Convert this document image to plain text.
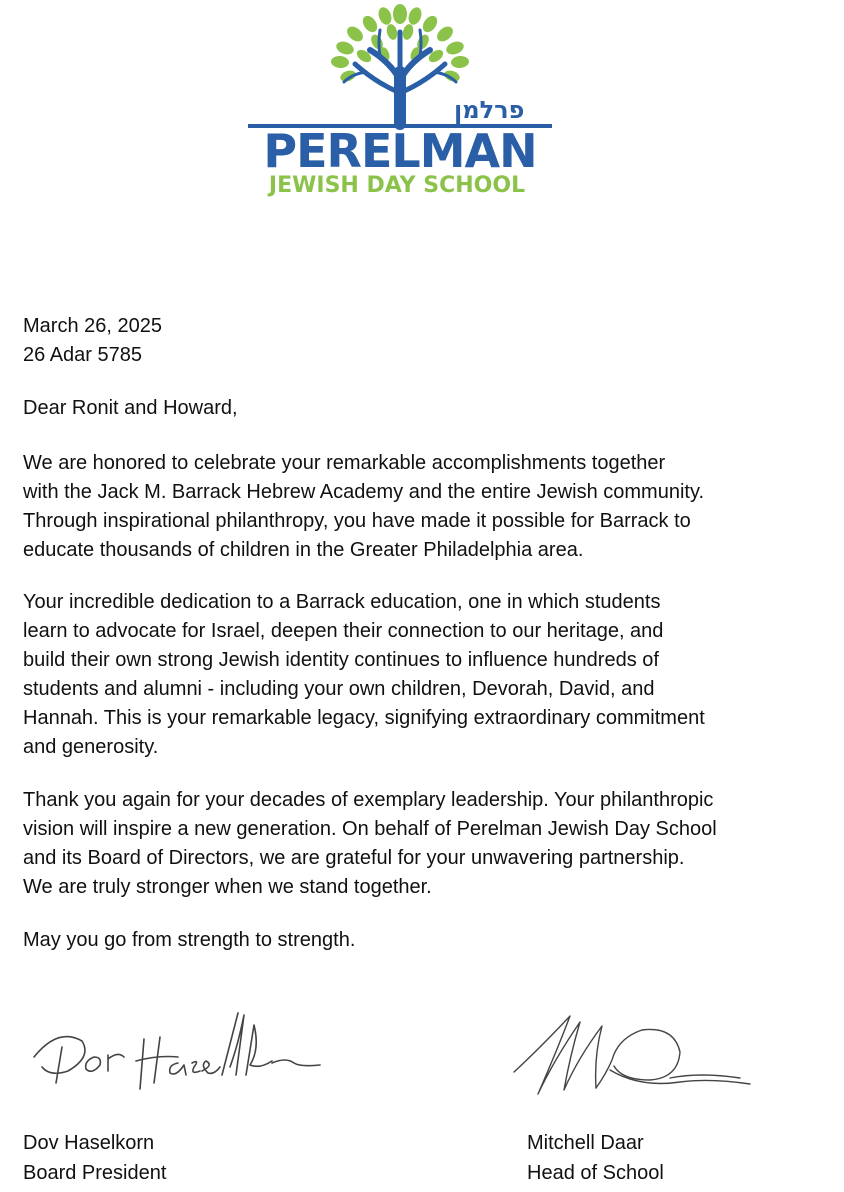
פרלמן
PERELMAN
JEWISH DAY SCHOOL
March 26, 2025
26 Adar 5785
Dear Ronit and Howard,
We are honored to celebrate your remarkable accomplishments together
with the Jack M. Barrack Hebrew Academy and the entire Jewish community.
Through inspirational philanthropy, you have made it possible for Barrack to
educate thousands of children in the Greater Philadelphia area.
Your incredible dedication to a Barrack education, one in which students
learn to advocate for Israel, deepen their connection to our heritage, and
build their own strong Jewish identity continues to influence hundreds of
students and alumni - including your own children, Devorah, David, and
Hannah. This is your remarkable legacy, signifying extraordinary commitment
and generosity.
Thank you again for your decades of exemplary leadership. Your philanthropic
vision will inspire a new generation. On behalf of Perelman Jewish Day School
and its Board of Directors, we are grateful for your unwavering partnership.
We are truly stronger when we stand together.
May you go from strength to strength.
Dov Haselkorn
Board President
Mitchell Daar
Head of School
